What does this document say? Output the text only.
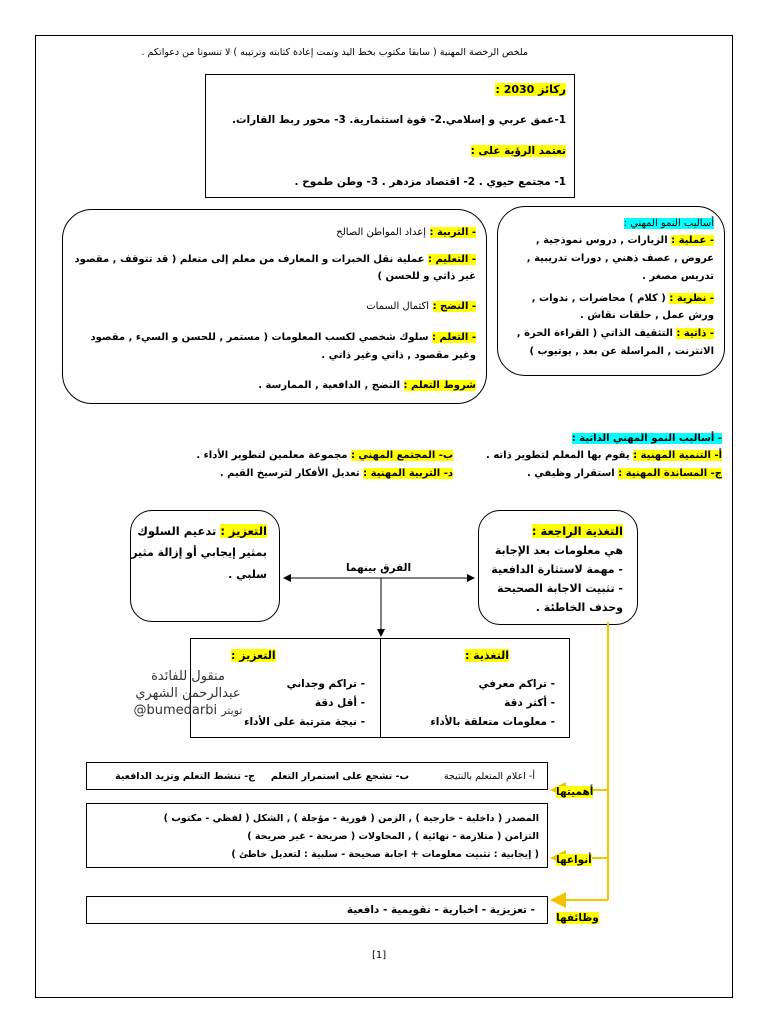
ملخص الرخصة المهنية ( سابقا مكتوب بخط اليد وتمت إعادة كتابته وترتيبه ) لا تنسونا من دعواتكم .
ركائز 2030 :
1-عمق عربي و إسلامي.2- قوة استثمارية. 3- محور ربط القارات.
تعتمد الرؤية على :
1- مجتمع حيوي . 2- اقتصاد مزدهر . 3- وطن طموح .
- التربية : إعداد المواطن الصالح
- التعليم : عملية نقل الخبرات و المعارف من معلم إلى متعلم ( قد تتوقف , مقصود
غير ذاتي و للحسن )
- النضج : اكتمال السمات
- التعلم : سلوك شخصي لكسب المعلومات ( مستمر , للحسن و السيء , مقصود
وغير مقصود , ذاتي وغير ذاتي .
شروط التعلم : النضج , الدافعية , الممارسة .
أساليب النمو المهني :
- عملية : الزيارات , دروس نموذجية ,
عروض , عصف ذهني , دورات تدريبية ,
تدريس مصغر .
- نظرية : ( كلام ) محاضرات , ندوات ,
ورش عمل , حلقات نقاش .
- ذاتية : التثقيف الذاتي ( القراءة الحرة ,
الانترنت , المراسلة عن بعد , يوتيوب )
- أساليب النمو المهني الذاتية :
أ- التنمية المهنية : يقوم بها المعلم لتطوير ذاته .
ج- المساندة المهنية : استقرار وظيفي .
ب- المجتمع المهني : مجموعة معلمين لتطوير الأداء .
د- التربية المهنية : تعديل الأفكار لترسيخ القيم .
التغذية الراجعة :
هي معلومات بعد الإجابة
- مهمة لاستثارة الدافعية
- تثبيت الاجابة الصحيحة
وحذف الخاطئة .
التعزيز : تدعيم السلوك
بمثير إيجابي أو إزالة مثير
سلبي .	الفرق بينهما
التغذية :
- تراكم معرفي
- أكثر دقة
- معلومات متعلقة بالأداء
التعزيز :
- تراكم وجداني
- أقل دقة
- نيجة مترتبة على الأداء
منقول للفائدة
عبدالرحمن الشهري
@bumedarbi تويتر
أ- اعلام المتعلم بالنتيجة
ب- تشجع على استمرار التعلم
ج- تنشط التعلم وتزيد الدافعية
أهميتها
المصدر ( داخلية - خارجية ) , الزمن ( فورية - مؤجلة ) , الشكل ( لفظي - مكتوب )
التزامن ( متلازمة - نهائية ) , المحاولات ( صريحة - غير صريحة )
( إيجابية : تثبيت معلومات + اجابة صحيحة - سلبية : لتعديل خاطئ ) أنواعها
- تعزيزية - اخبارية - تقويمية - دافعية
وظائفها
[1]
